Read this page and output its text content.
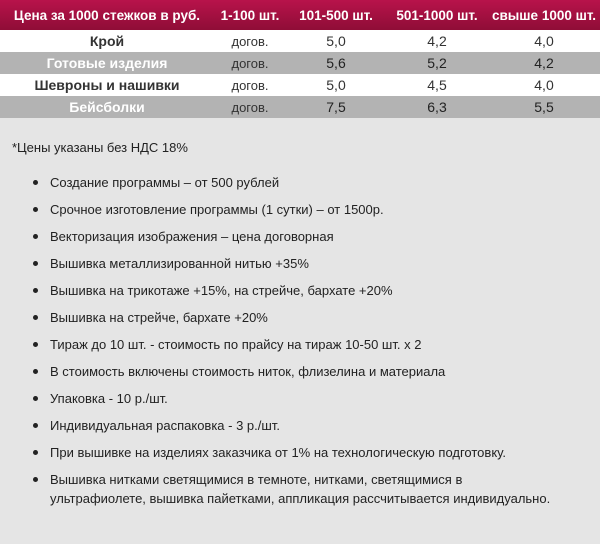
Цена за 1000 стежков в руб.	1-100 шт.	101-500 шт.	501-1000 шт.	свыше 1000 шт.
Крой	догов.	5,0	4,2	4,0
Готовые изделия	догов.	5,6	5,2	4,2
Шевроны и нашивки	догов.	5,0	4,5	4,0
Бейсболки	догов.	7,5	6,3	5,5
*Цены указаны без НДС 18%
Создание программы – от 500 рублей
Срочное изготовление программы (1 сутки) – от 1500р.
Векторизация изображения – цена договорная
Вышивка металлизированной нитью +35%
Вышивка на трикотаже +15%, на стрейче, бархате +20%
Вышивка на стрейче, бархате +20%
Тираж до 10 шт. - стоимость по прайсу на тираж 10-50 шт. х 2
В стоимость включены стоимость ниток, флизелина и материала
Упаковка - 10 р./шт.
Индивидуальная распаковка - 3 р./шт.
При вышивке на изделиях заказчика от 1% на технологическую подготовку.
Вышивка нитками светящимися в темноте, нитками, светящимися в ультрафиолете, вышивка пайетками, аппликация рассчитывается индивидуально.
